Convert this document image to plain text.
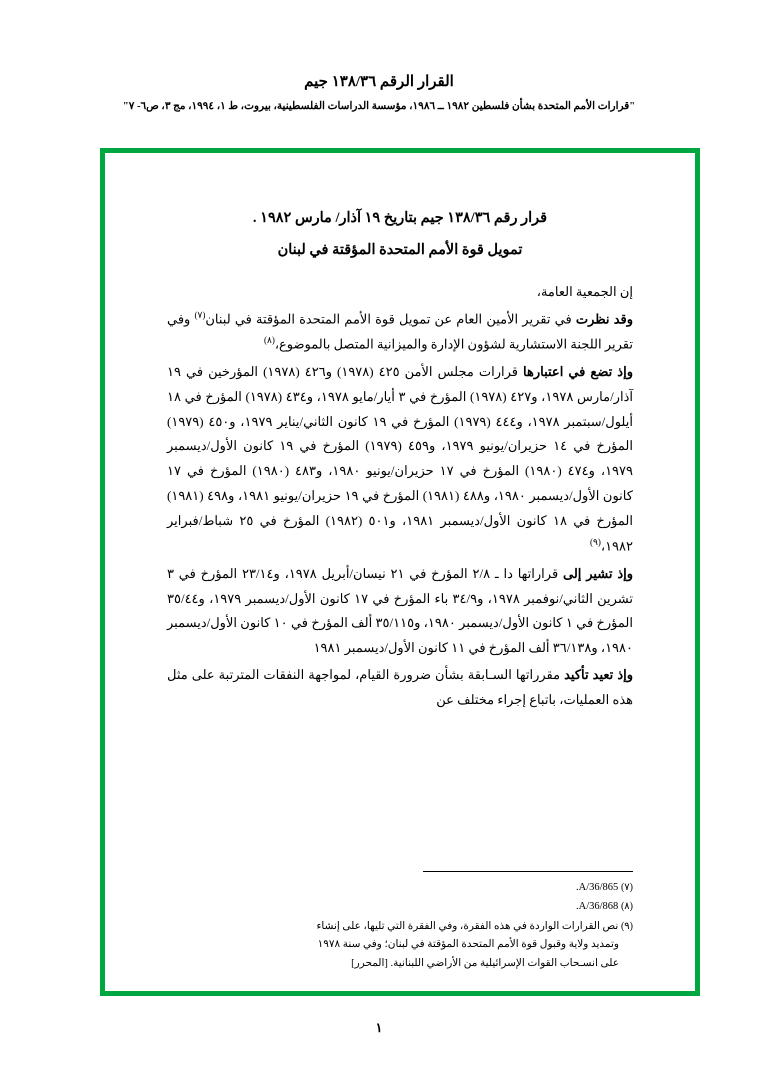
القرار الرقم ١٣٨/٣٦ جيم
"قرارات الأمم المتحدة بشأن فلسطين ١٩٨٢ ــ ١٩٨٦، مؤسسة الدراسات الفلسطينية، بيروت، ط ١، ١٩٩٤، مج ٣، ص٦- ٧"
قرار رقم ١٣٨/٣٦ جيم بتاريخ ١٩ آذار/ مارس ١٩٨٢ .
تمويل قوة الأمم المتحدة المؤقتة في لبنان
إن الجمعية العامة،
وقد نظرت في تقرير الأمين العام عن تمويل قوة الأمم المتحدة المؤقتة في لبنان$^{(٧)}$ وفي تقرير اللجنة الاستشارية لشؤون الإدارة والميزانية المتصل بالموضوع،$^{(٨)}$
وإذ تضع في اعتبارها قرارات مجلس الأمن ٤٢٥ (١٩٧٨) و٤٢٦ (١٩٧٨) المؤرخين في ١٩ آذار/مارس ١٩٧٨، و٤٢٧ (١٩٧٨) المؤرخ في ٣ أيار/مايو ١٩٧٨، و٤٣٤ (١٩٧٨) المؤرخ في ١٨ أيلول/سبتمبر ١٩٧٨، و٤٤٤ (١٩٧٩) المؤرخ في ١٩ كانون الثاني/يناير ١٩٧٩، و٤٥٠ (١٩٧٩) المؤرخ في ١٤ حزيران/يونيو ١٩٧٩، و٤٥٩ (١٩٧٩) المؤرخ في ١٩ كانون الأول/ديسمبر ١٩٧٩، و٤٧٤ (١٩٨٠) المؤرخ في ١٧ حزيران/يونيو ١٩٨٠، و٤٨٣ (١٩٨٠) المؤرخ في ١٧ كانون الأول/ديسمبر ١٩٨٠، و٤٨٨ (١٩٨١) المؤرخ في ١٩ حزيران/يونيو ١٩٨١، و٤٩٨ (١٩٨١) المؤرخ في ١٨ كانون الأول/ديسمبر ١٩٨١، و٥٠١ (١٩٨٢) المؤرخ في ٢٥ شباط/فبراير ١٩٨٢،$^{(٩)}$
وإذ تشير إلى قراراتها دا ـ ٢/٨ المؤرخ في ٢١ نيسان/أبريل ١٩٧٨، و٢٣/١٤ المؤرخ في ٣ تشرين الثاني/نوفمبر ١٩٧٨، و٣٤/٩ باء المؤرخ في ١٧ كانون الأول/ديسمبر ١٩٧٩، و٣٥/٤٤ المؤرخ في ١ كانون الأول/ديسمبر ١٩٨٠، و٣٥/١١٥ ألف المؤرخ في ١٠ كانون الأول/ديسمبر ١٩٨٠، و٣٦/١٣٨ ألف المؤرخ في ١١ كانون الأول/ديسمبر ١٩٨١
وإذ تعيد تأكيد مقرراتها السـابقة بشأن ضرورة القيام، لمواجهة النفقات المترتبة على مثل هذه العمليات، باتباع إجراء مختلف عن
(٧) A/36/865.
(٨) A/36/868.
(٩) نص القرارات الواردة في هذه الفقرة، وفي الفقرة التي تليها، على إنشاء
وتمديد ولاية وقبول قوة الأمم المتحدة المؤقتة في لبنان؛ وفي سنة ١٩٧٨
على انسـحاب القوات الإسرائيلية من الأراضي اللبنانية. [المحرر]
١
